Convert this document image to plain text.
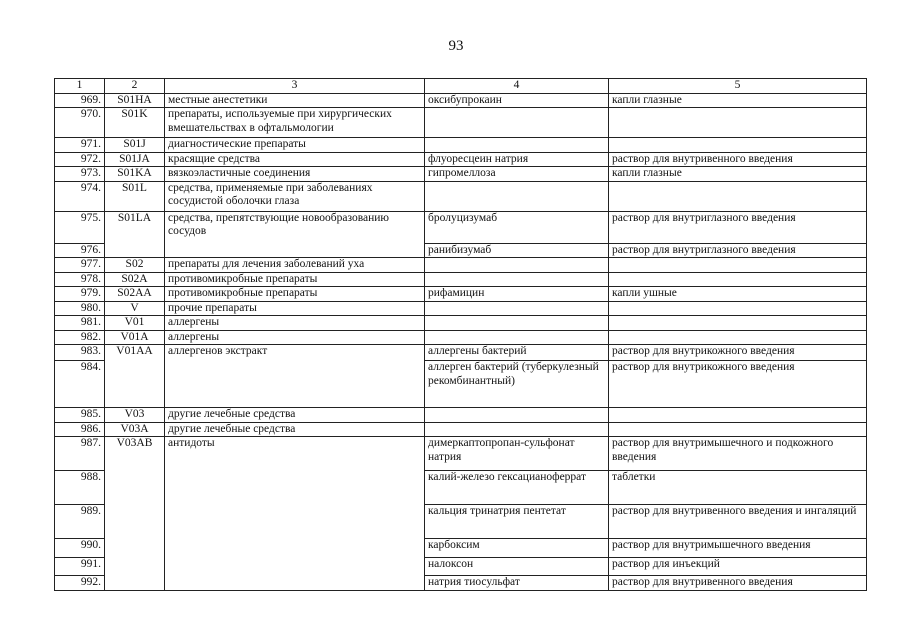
93
1	2	3	4	5
969.	S01HA	местные анестетики	оксибупрокаин	капли глазные
970.	S01K	препараты, используемые при хирургических вмешательствах в офтальмологии		
971.	S01J	диагностические препараты		
972.	S01JA	красящие средства	флуоресцеин натрия	раствор для внутривенного введения
973.	S01KA	вязкоэластичные соединения	гипромеллоза	капли глазные
974.	S01L	средства, применяемые при заболеваниях сосудистой оболочки глаза		
975.	S01LA	средства, препятствующие новообразованию сосудов	бролуцизумаб	раствор для внутриглазного введения
976.			ранибизумаб	раствор для внутриглазного введения
977.	S02	препараты для лечения заболеваний уха		
978.	S02A	противомикробные препараты		
979.	S02AA	противомикробные препараты	рифамицин	капли ушные
980.	V	прочие препараты		
981.	V01	аллергены		
982.	V01A	аллергены		
983.	V01AA	аллергенов экстракт	аллергены бактерий	раствор для внутрикожного введения
984.			аллерген бактерий (туберкулезный рекомбинантный)	раствор для внутрикожного введения
985.	V03	другие лечебные средства		
986.	V03A	другие лечебные средства		
987.	V03AB	антидоты	димеркаптопропан-сульфонат натрия	раствор для внутримышечного и подкожного введения
988.			калий-железо гексацианоферрат	таблетки
989.			кальция тринатрия пентетат	раствор для внутривенного введения и ингаляций
990.			карбоксим	раствор для внутримышечного введения
991.			налоксон	раствор для инъекций
992.			натрия тиосульфат	раствор для внутривенного введения
